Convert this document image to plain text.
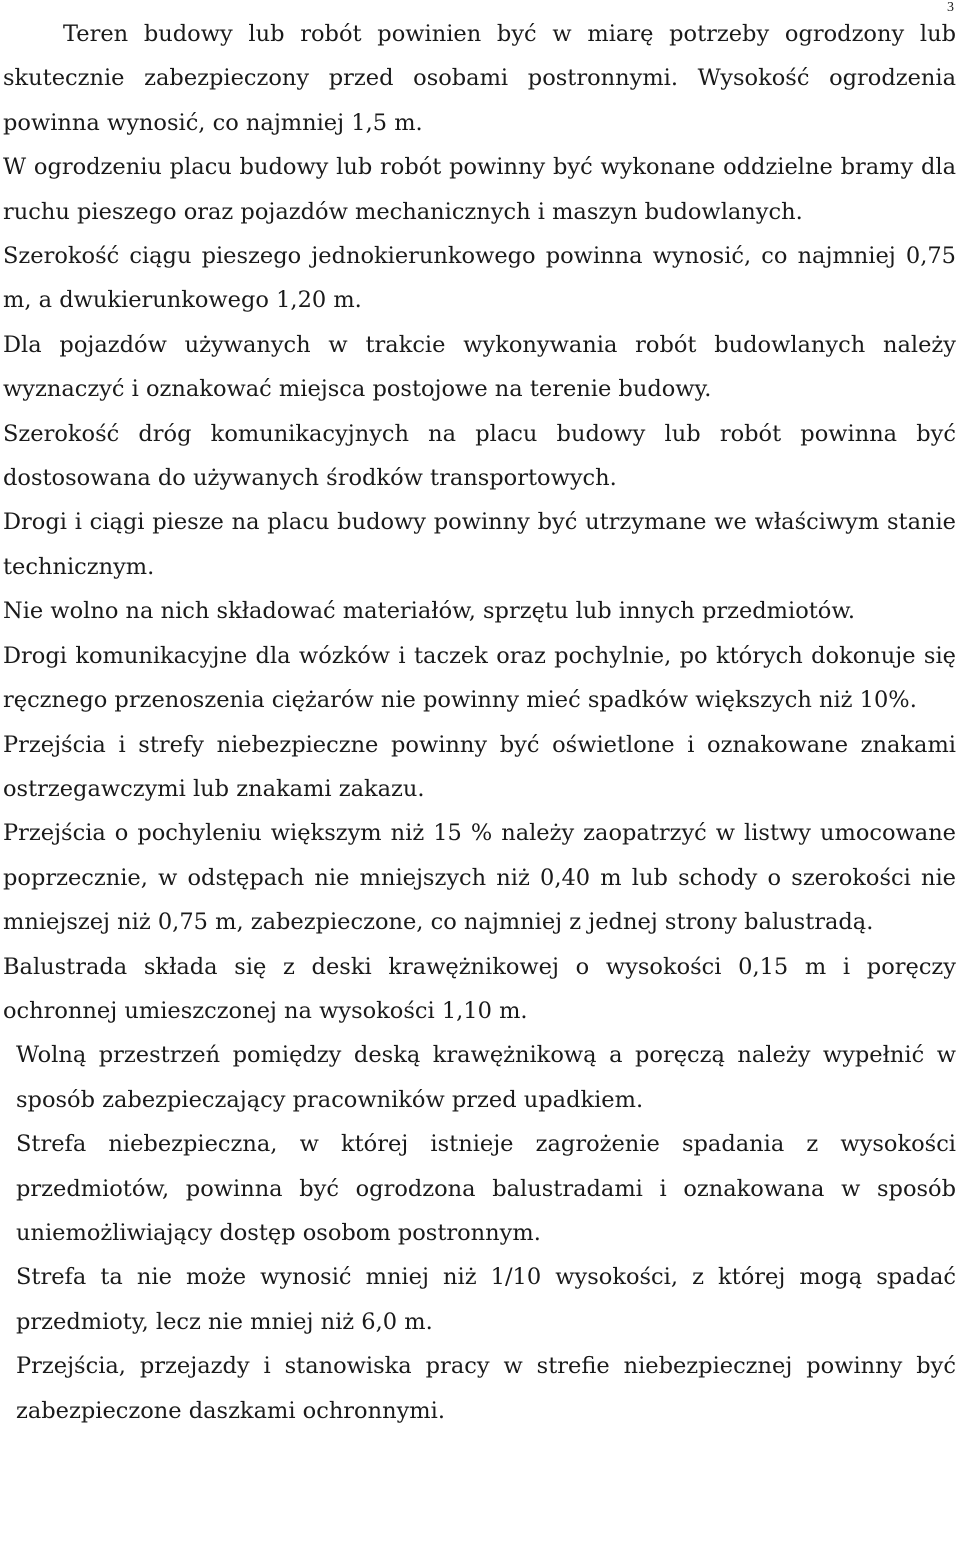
3

Teren budowy lub robót powinien być w miarę potrzeby ogrodzony lub skutecznie zabezpieczony przed osobami postronnymi. Wysokość ogrodzenia powinna wynosić, co najmniej 1,5 m.

W ogrodzeniu placu budowy lub robót powinny być wykonane oddzielne bramy dla ruchu pieszego oraz pojazdów mechanicznych i maszyn budowlanych.

Szerokość ciągu pieszego jednokierunkowego powinna wynosić, co najmniej 0,75 m, a dwukierunkowego 1,20 m.

Dla pojazdów używanych w trakcie wykonywania robót budowlanych należy wyznaczyć i oznakować miejsca postojowe na terenie budowy.

Szerokość dróg komunikacyjnych na placu budowy lub robót powinna być dostosowana do używanych środków transportowych.

Drogi i ciągi piesze na placu budowy powinny być utrzymane we właściwym stanie technicznym.

Nie wolno na nich składować materiałów, sprzętu lub innych przedmiotów.

Drogi komunikacyjne dla wózków i taczek oraz pochylnie, po których dokonuje się ręcznego przenoszenia ciężarów nie powinny mieć spadków większych niż 10%.

Przejścia i strefy niebezpieczne powinny być oświetlone i oznakowane znakami ostrzegawczymi lub znakami zakazu.

Przejścia o pochyleniu większym niż 15 % należy zaopatrzyć w listwy umocowane poprzecznie, w odstępach nie mniejszych niż 0,40 m lub schody o szerokości nie mniejszej niż 0,75 m, zabezpieczone, co najmniej z jednej strony balustradą.

Balustrada składa się z deski krawężnikowej o wysokości 0,15 m i poręczy ochronnej umieszczonej na wysokości 1,10 m.

Wolną przestrzeń pomiędzy deską krawężnikową a poręczą należy wypełnić w sposób zabezpieczający pracowników przed upadkiem.

Strefa niebezpieczna, w której istnieje zagrożenie spadania z wysokości przedmiotów, powinna być ogrodzona balustradami i oznakowana w sposób uniemożliwiający dostęp osobom postronnym.

Strefa ta nie może wynosić mniej niż 1/10 wysokości, z której mogą spadać przedmioty, lecz nie mniej niż 6,0 m.

Przejścia, przejazdy i stanowiska pracy w strefie niebezpiecznej powinny być zabezpieczone daszkami ochronnymi.
